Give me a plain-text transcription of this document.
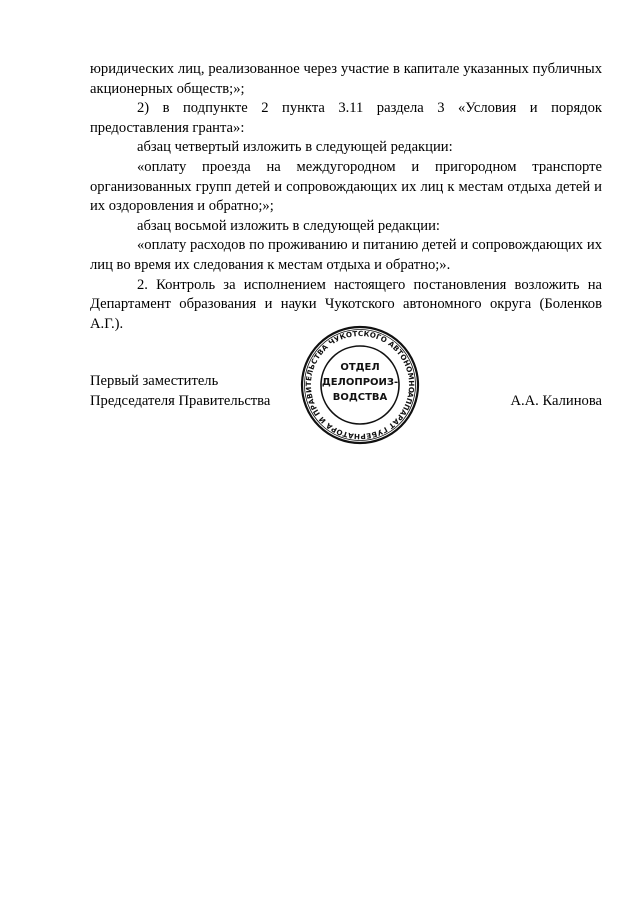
юридических лиц, реализованное через участие в капитале указанных публичных акционерных обществ;»;

2) в подпункте 2 пункта 3.11 раздела 3 «Условия и порядок предоставления гранта»:

абзац четвертый изложить в следующей редакции:

«оплату проезда на междугородном и пригородном транспорте организованных групп детей и сопровождающих их лиц к местам отдыха детей и их оздоровления и обратно;»;

абзац восьмой изложить в следующей редакции:

«оплату расходов по проживанию и питанию детей и сопровождающих их лиц во время их следования к местам отдыха и обратно;».

2. Контроль за исполнением настоящего постановления возложить на Департамент образования и науки Чукотского автономного округа (Боленков А.Г.).

Первый заместитель
Председателя Правительства	А.А. Калинова
АППАРАТ ГУБЕРНАТОРА И ПРАВИТЕЛЬСТВА ЧУКОТСКОГО АВТОНОМНОГО
ОТДЕЛ
ДЕЛОПРОИЗ-
ВОДСТВА
